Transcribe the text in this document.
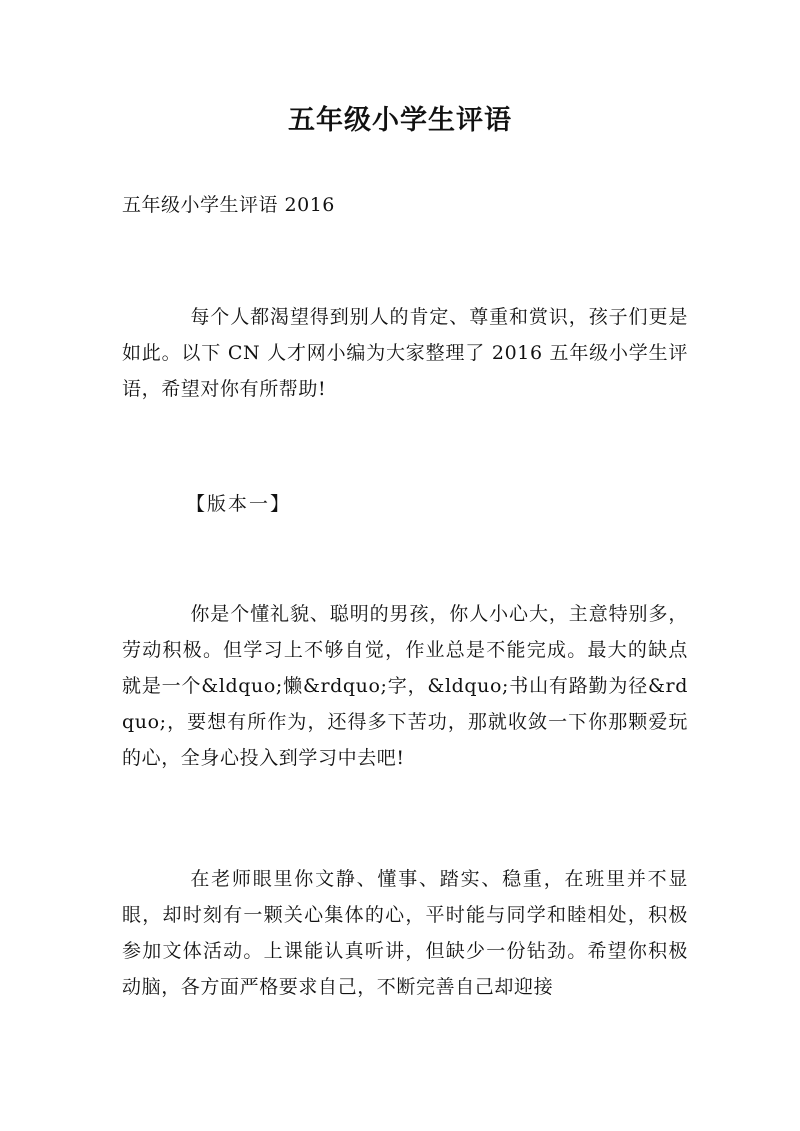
五年级小学生评语
五年级小学生评语 2016

每个人都渴望得到别人的肯定、尊重和赏识，孩子们更是如此。以下 CN 人才网小编为大家整理了 2016 五年级小学生评语，希望对你有所帮助!

【版本一】

你是个懂礼貌、聪明的男孩，你人小心大，主意特别多，劳动积极。但学习上不够自觉，作业总是不能完成。最大的缺点就是一个&ldquo;懒&rdquo;字，&ldquo;书山有路勤为径&rdquo;，要想有所作为，还得多下苦功，那就收敛一下你那颗爱玩的心，全身心投入到学习中去吧!

在老师眼里你文静、懂事、踏实、稳重，在班里并不显眼，却时刻有一颗关心集体的心，平时能与同学和睦相处，积极参加文体活动。上课能认真听讲，但缺少一份钻劲。希望你积极动脑，各方面严格要求自己，不断完善自己却迎接
